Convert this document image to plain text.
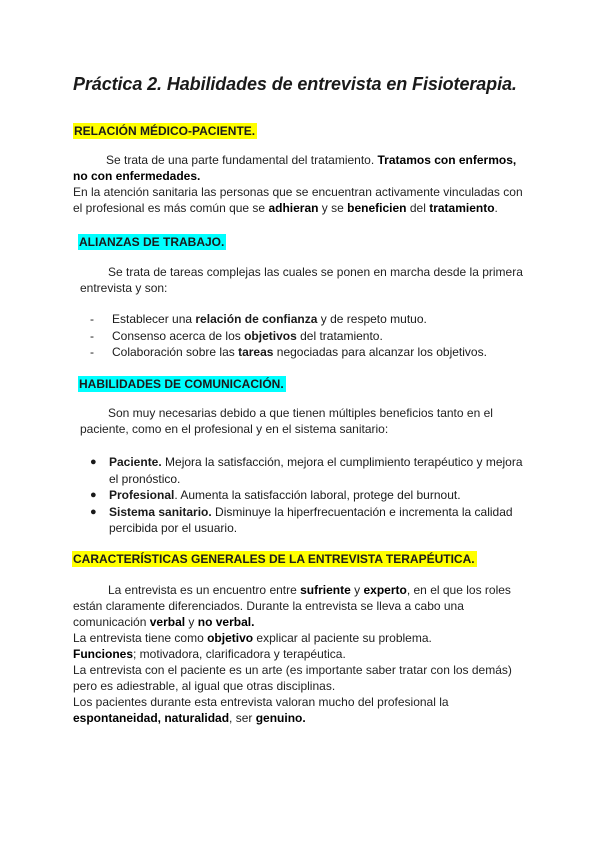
Práctica 2. Habilidades de entrevista en Fisioterapia.
RELACIÓN MÉDICO-PACIENTE.

Se trata de una parte fundamental del tratamiento. Tratamos con enfermos, no con enfermedades.

En la atención sanitaria las personas que se encuentran activamente vinculadas con el profesional es más común que se adhieran y se beneficien del tratamiento.

ALIANZAS DE TRABAJO.

Se trata de tareas complejas las cuales se ponen en marcha desde la primera entrevista y son:

- Establecer una relación de confianza y de respeto mutuo.
- Consenso acerca de los objetivos del tratamiento.
- Colaboración sobre las tareas negociadas para alcanzar los objetivos.
HABILIDADES DE COMUNICACIÓN.

Son muy necesarias debido a que tienen múltiples beneficios tanto en el paciente, como en el profesional y en el sistema sanitario:

● Paciente. Mejora la satisfacción, mejora el cumplimiento terapéutico y mejora el pronóstico.
● Profesional. Aumenta la satisfacción laboral, protege del burnout.
● Sistema sanitario. Disminuye la hiperfrecuentación e incrementa la calidad percibida por el usuario.
CARACTERÍSTICAS GENERALES DE LA ENTREVISTA TERAPÉUTICA.

La entrevista es un encuentro entre sufriente y experto, en el que los roles están claramente diferenciados. Durante la entrevista se lleva a cabo una comunicación verbal y no verbal.

La entrevista tiene como objetivo explicar al paciente su problema.

Funciones; motivadora, clarificadora y terapéutica.

La entrevista con el paciente es un arte (es importante saber tratar con los demás) pero es adiestrable, al igual que otras disciplinas.

Los pacientes durante esta entrevista valoran mucho del profesional la espontaneidad, naturalidad, ser genuino.
